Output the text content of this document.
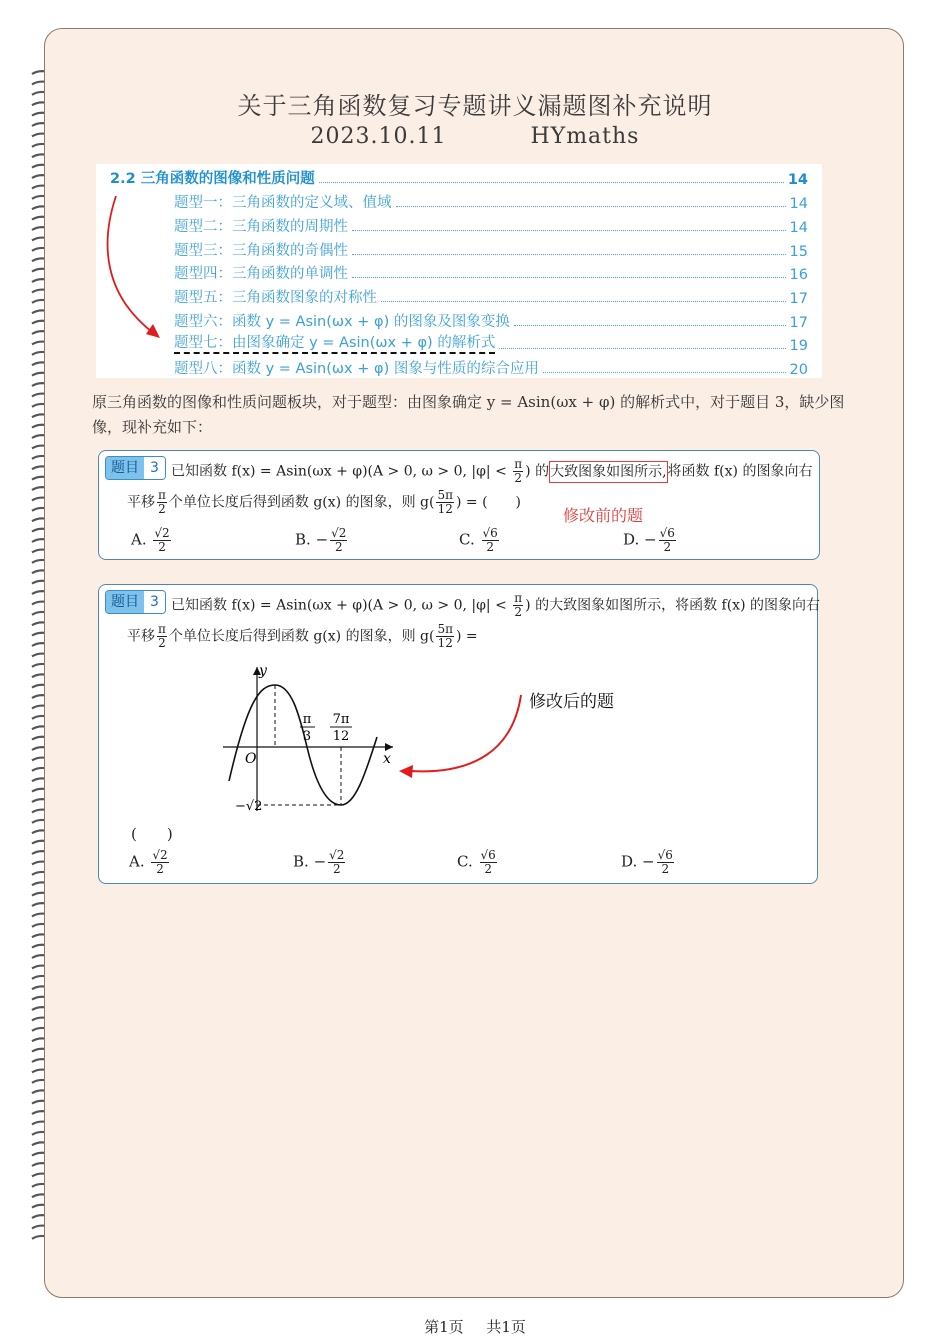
关于三角函数复习专题讲义漏题图补充说明
2023.10.11	HYmaths
2.2 三角函数的图像和性质问题	14
题型一：三角函数的定义域、值域	14
题型二：三角函数的周期性	14
题型三：三角函数的奇偶性	15
题型四：三角函数的单调性	16
题型五：三角函数图象的对称性	17
题型六：函数 y = Asin(ωx + φ) 的图象及图象变换	17
题型七：由图象确定 y = Asin(ωx + φ) 的解析式	19
题型八：函数 y = Asin(ωx + φ) 图象与性质的综合应用	20
原三角函数的图像和性质问题板块，对于题型：由图象确定 y = Asin(ωx + φ) 的解析式中，对于题目 3，缺少图像，现补充如下：
题目 3 已知函数 f(x) = Asin(ωx + φ)(A > 0, ω > 0, $|\varphi| < \frac{\pi}{2}$ ) 的大致图象如图所示,将函数 f(x) 的图象向右
平移 $\frac{\pi}{2}$ 个单位长度后得到函数 g(x) 的图象，则 $g( \frac{5\pi}{12}$ ) = (　　)
修改前的题
A. $\frac{√2}{2}$	B. − $\frac{√2}{2}$	C. $\frac{√6}{2}$	D. − $\frac{√6}{2}$
题目 3 已知函数 f(x) = Asin(ωx + φ)(A > 0, ω > 0, $|\varphi| < \frac{\pi}{2}$ ) 的大致图象如图所示，将函数 f(x) 的图象向右
平移 $\frac{\pi}{2}$ 个单位长度后得到函数 g(x) 的图象，则 $g( \frac{5\pi}{12}$ ) =
y
x
O
π
3
7π
12
−√2
修改后的题
(　　)
A. $\frac{√2}{2}$	B. − $\frac{√2}{2}$	C. $\frac{√6}{2}$	D. − $\frac{√6}{2}$
第1页 共1页
